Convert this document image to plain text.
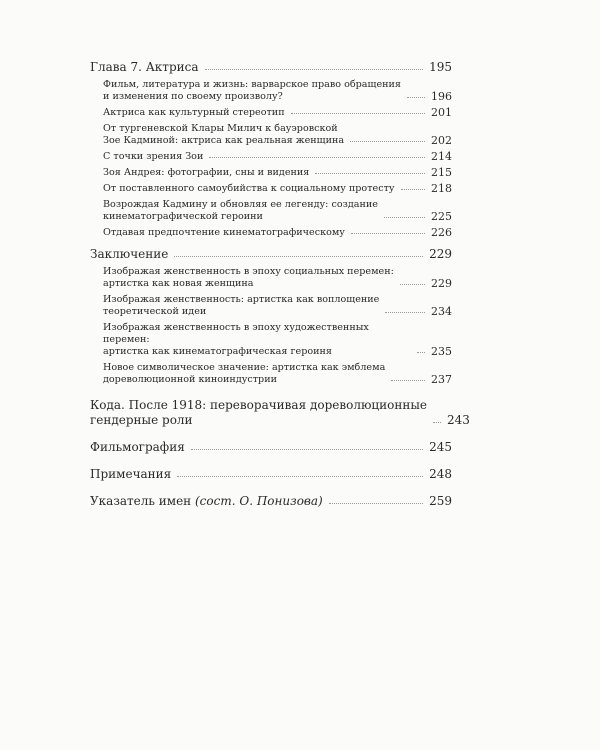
Глава 7. Актриса	195
Фильм, литература и жизнь: варварское право обращения
и изменения по своему произволу?	196
Актриса как культурный стереотип	201
От тургеневской Клары Милич к бауэровской
Зое Кадминой: актриса как реальная женщина	202
С точки зрения Зои	214
Зоя Андрея: фотографии, сны и видения	215
От поставленного самоубийства к социальному протесту	218
Возрождая Кадмину и обновляя ее легенду: создание
кинематографической героини	225
Отдавая предпочтение кинематографическому	226
Заключение	229
Изображая женственность в эпоху социальных перемен:
артистка как новая женщина	229
Изображая женственность: артистка как воплощение
теоретической идеи	234
Изображая женственность в эпоху художественных перемен:
артистка как кинематографическая героиня	235
Новое символическое значение: артистка как эмблема
дореволюционной киноиндустрии	237
Кода. После 1918: переворачивая дореволюционные
гендерные роли	243
Фильмография	245
Примечания	248
Указатель имен (сост. О. Понизова)	259
